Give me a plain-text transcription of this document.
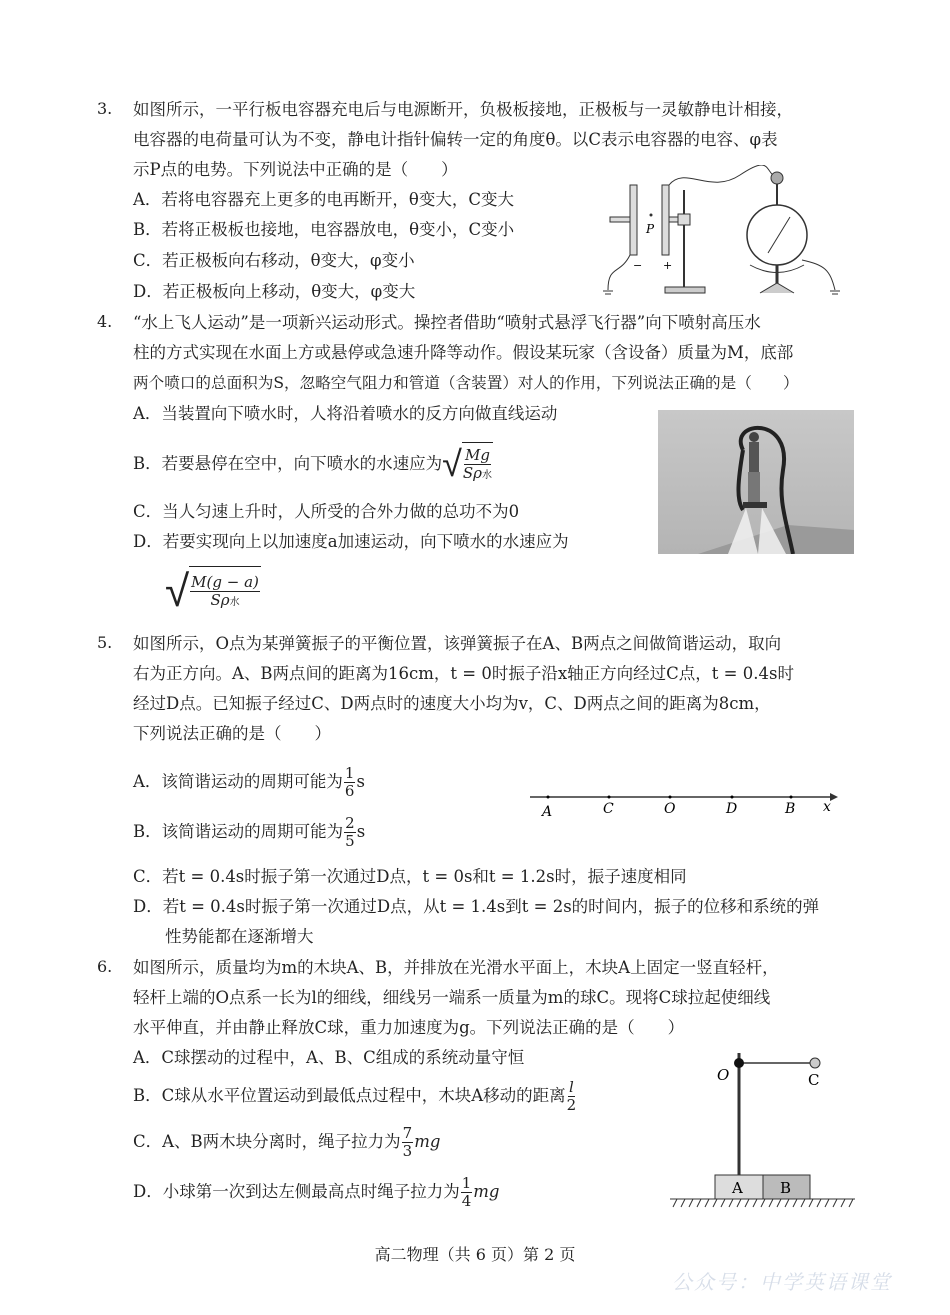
3. 如图所示，一平行板电容器充电后与电源断开，负极板接地，正极板与一灵敏静电计相接，
电容器的电荷量可认为不变，静电计指针偏转一定的角度θ。以C表示电容器的电容、φ表
示P点的电势。下列说法中正确的是（　　）
A．若将电容器充上更多的电再断开，θ变大，C变大
B．若将正极板也接地，电容器放电，θ变小，C变小
C．若正极板向右移动，θ变大，φ变小
D．若正极板向上移动，θ变大，φ变大
P
− +
4. “水上飞人运动”是一项新兴运动形式。操控者借助“喷射式悬浮飞行器”向下喷射高压水
柱的方式实现在水面上方或悬停或急速升降等动作。假设某玩家（含设备）质量为M，底部
两个喷口的总面积为S，忽略空气阻力和管道（含装置）对人的作用，下列说法正确的是（　　）
A．当装置向下喷水时，人将沿着喷水的反方向做直线运动
B．若要悬停在空中，向下喷水的水速应为 √ $\frac{Mg}{\text{Sρ水}}$
C．当人匀速上升时，人所受的合外力做的总功不为0
D．若要实现向上以加速度a加速运动，向下喷水的水速应为
√ $\frac{M(g - a)}{\text{Sρ水}}$
5. 如图所示，O点为某弹簧振子的平衡位置，该弹簧振子在A、B两点之间做简谐运动，取向
右为正方向。A、B两点间的距离为16cm，t = 0时振子沿x轴正方向经过C点，t = 0.4s时
经过D点。已知振子经过C、D两点时的速度大小均为v，C、D两点之间的距离为8cm，
下列说法正确的是（　　）
A．该简谐运动的周期可能为 $\frac{1}{6}$ s
B．该简谐运动的周期可能为 $\frac{2}{5}$ s
C．若t = 0.4s时振子第一次通过D点，t = 0s和t = 1.2s时，振子速度相同
D．若t = 0.4s时振子第一次通过D点，从t = 1.4s到t = 2s的时间内，振子的位移和系统的弹
性势能都在逐渐增大
A	C	O	D	B x
6. 如图所示，质量均为m的木块A、B，并排放在光滑水平面上，木块A上固定一竖直轻杆，
轻杆上端的O点系一长为l的细线，细线另一端系一质量为m的球C。现将C球拉起使细线
水平伸直，并由静止释放C球，重力加速度为g。下列说法正确的是（　　）
A．C球摆动的过程中，A、B、C组成的系统动量守恒
B．C球从水平位置运动到最低点过程中，木块A移动的距离 $\frac{l}{2}$
C．A、B两木块分离时，绳子拉力为 $\frac{7}{3}$ mg
D．小球第一次到达左侧最高点时绳子拉力为 $\frac{1}{4}$ mg
O	C
A B
高二物理（共 6 页）第 2 页
公众号：中学英语课堂
